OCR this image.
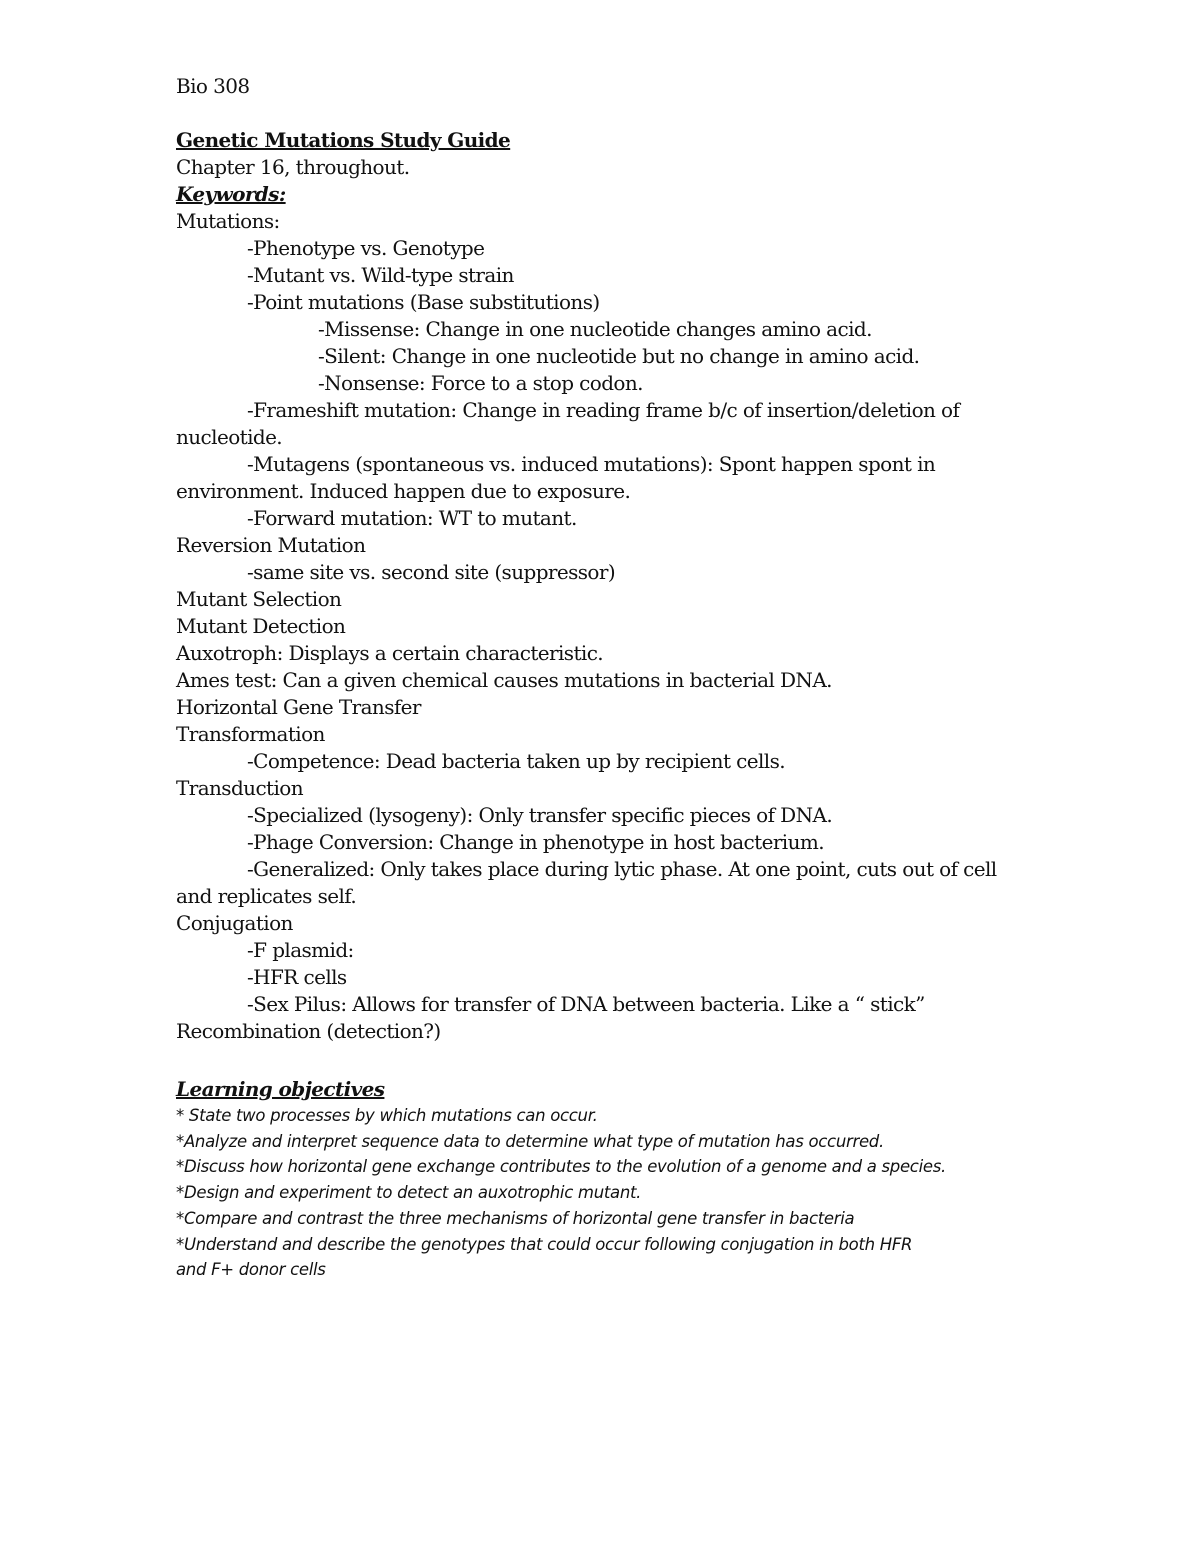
Bio 308
Genetic Mutations Study Guide
Chapter 16, throughout.
Keywords:
Mutations:
-Phenotype vs. Genotype
-Mutant vs. Wild-type strain
-Point mutations (Base substitutions)
-Missense: Change in one nucleotide changes amino acid.
-Silent: Change in one nucleotide but no change in amino acid.
-Nonsense: Force to a stop codon.
-Frameshift mutation: Change in reading frame b/c of insertion/deletion of
nucleotide.
-Mutagens (spontaneous vs. induced mutations): Spont happen spont in
environment. Induced happen due to exposure.
-Forward mutation: WT to mutant.
Reversion Mutation
-same site vs. second site (suppressor)
Mutant Selection
Mutant Detection
Auxotroph: Displays a certain characteristic.
Ames test: Can a given chemical causes mutations in bacterial DNA.
Horizontal Gene Transfer
Transformation
-Competence: Dead bacteria taken up by recipient cells.
Transduction
-Specialized (lysogeny): Only transfer specific pieces of DNA.
-Phage Conversion: Change in phenotype in host bacterium.
-Generalized: Only takes place during lytic phase. At one point, cuts out of cell
and replicates self.
Conjugation
-F plasmid:
-HFR cells
-Sex Pilus: Allows for transfer of DNA between bacteria. Like a “ stick”
Recombination (detection?)
Learning objectives
* State two processes by which mutations can occur.
*Analyze and interpret sequence data to determine what type of mutation has occurred.
*Discuss how horizontal gene exchange contributes to the evolution of a genome and a species.
*Design and experiment to detect an auxotrophic mutant.
*Compare and contrast the three mechanisms of horizontal gene transfer in bacteria
*Understand and describe the genotypes that could occur following conjugation in both HFR
and F+ donor cells
